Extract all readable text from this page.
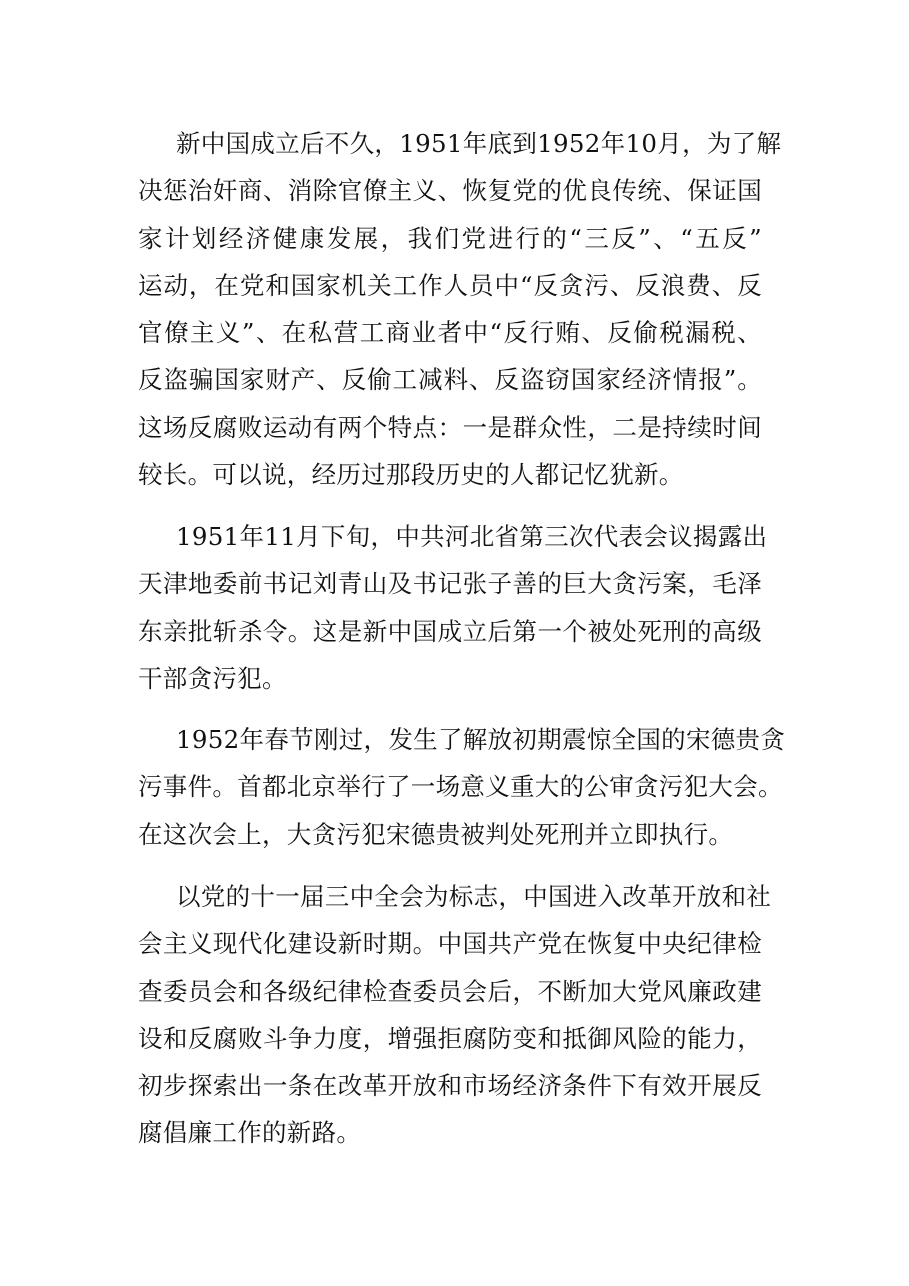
新中国成立后不久，1951年底到1952年10月，为了解
决惩治奸商、消除官僚主义、恢复党的优良传统、保证国
家计划经济健康发展，我们党进行的“三反”、“五反”
运动，在党和国家机关工作人员中“反贪污、反浪费、反
官僚主义”、在私营工商业者中“反行贿、反偷税漏税、
反盗骗国家财产、反偷工减料、反盗窃国家经济情报”。
这场反腐败运动有两个特点：一是群众性，二是持续时间
较长。可以说，经历过那段历史的人都记忆犹新。
1951年11月下旬，中共河北省第三次代表会议揭露出
天津地委前书记刘青山及书记张子善的巨大贪污案，毛泽
东亲批斩杀令。这是新中国成立后第一个被处死刑的高级
干部贪污犯。
1952年春节刚过，发生了解放初期震惊全国的宋德贵贪
污事件。首都北京举行了一场意义重大的公审贪污犯大会。
在这次会上，大贪污犯宋德贵被判处死刑并立即执行。
以党的十一届三中全会为标志，中国进入改革开放和社
会主义现代化建设新时期。中国共产党在恢复中央纪律检
查委员会和各级纪律检查委员会后，不断加大党风廉政建
设和反腐败斗争力度，增强拒腐防变和抵御风险的能力，
初步探索出一条在改革开放和市场经济条件下有效开展反
腐倡廉工作的新路。
